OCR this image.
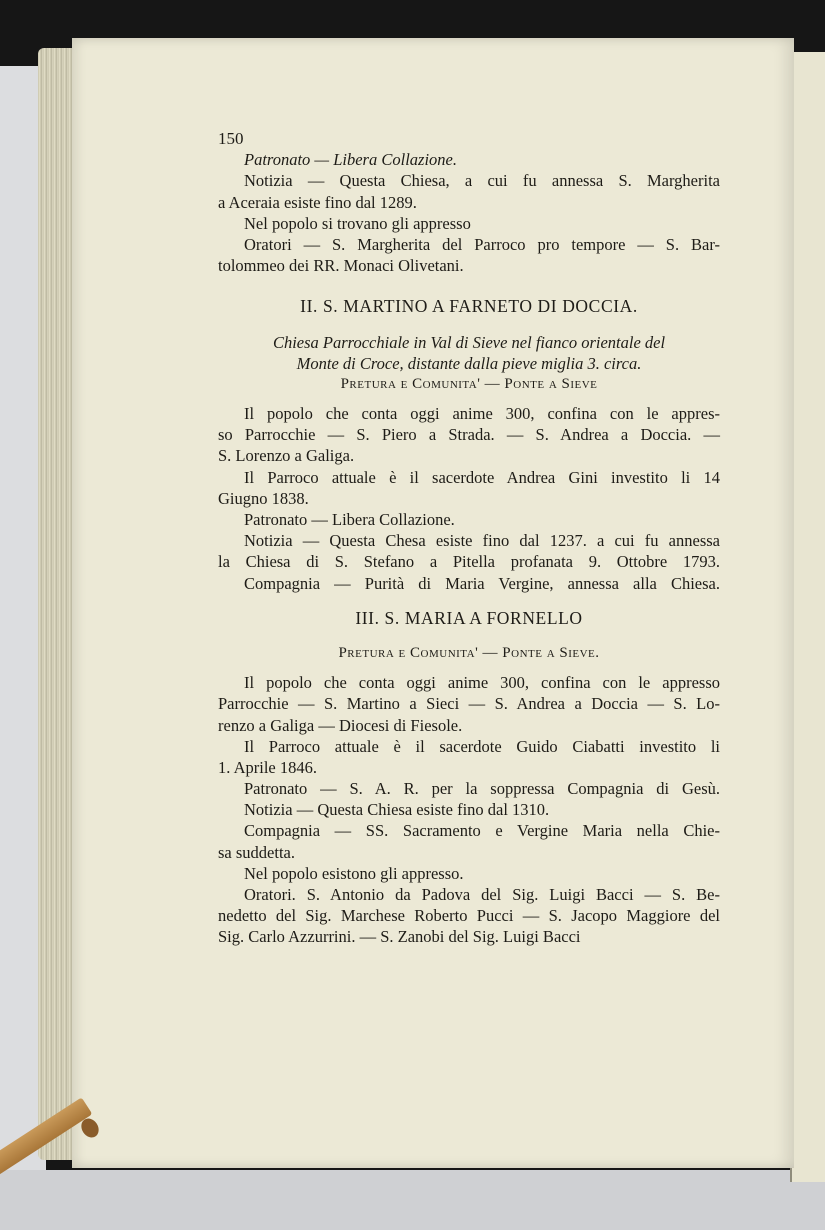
150
Patronato — Libera Collazione.
Notizia — Questa Chiesa, a cui fu annessa S. Margherita
a Aceraia esiste fino dal 1289.
Nel popolo si trovano gli appresso
Oratori — S. Margherita del Parroco pro tempore — S. Bar-
tolommeo dei RR. Monaci Olivetani.
II. S. MARTINO A FARNETO DI DOCCIA.
Chiesa Parrocchiale in Val di Sieve nel fianco orientale del
Monte di Croce, distante dalla pieve miglia 3. circa.
Pretura e Comunita' — Ponte a Sieve
Il popolo che conta oggi anime 300, confina con le appres-
so Parrocchie — S. Piero a Strada. — S. Andrea a Doccia. —
S. Lorenzo a Galiga.
Il Parroco attuale è il sacerdote Andrea Gini investito li 14
Giugno 1838.
Patronato — Libera Collazione.
Notizia — Questa Chesa esiste fino dal 1237. a cui fu annessa
la Chiesa di S. Stefano a Pitella profanata 9. Ottobre 1793.
Compagnia — Purità di Maria Vergine, annessa alla Chiesa.
III. S. MARIA A FORNELLO
Pretura e Comunita' — Ponte a Sieve.
Il popolo che conta oggi anime 300, confina con le appresso
Parrocchie — S. Martino a Sieci — S. Andrea a Doccia — S. Lo-
renzo a Galiga — Diocesi di Fiesole.
Il Parroco attuale è il sacerdote Guido Ciabatti investito li
1. Aprile 1846.
Patronato — S. A. R. per la soppressa Compagnia di Gesù.
Notizia — Questa Chiesa esiste fino dal 1310.
Compagnia — SS. Sacramento e Vergine Maria nella Chie-
sa suddetta.
Nel popolo esistono gli appresso.
Oratori. S. Antonio da Padova del Sig. Luigi Bacci — S. Be-
nedetto del Sig. Marchese Roberto Pucci — S. Jacopo Maggiore del
Sig. Carlo Azzurrini. — S. Zanobi del Sig. Luigi Bacci
